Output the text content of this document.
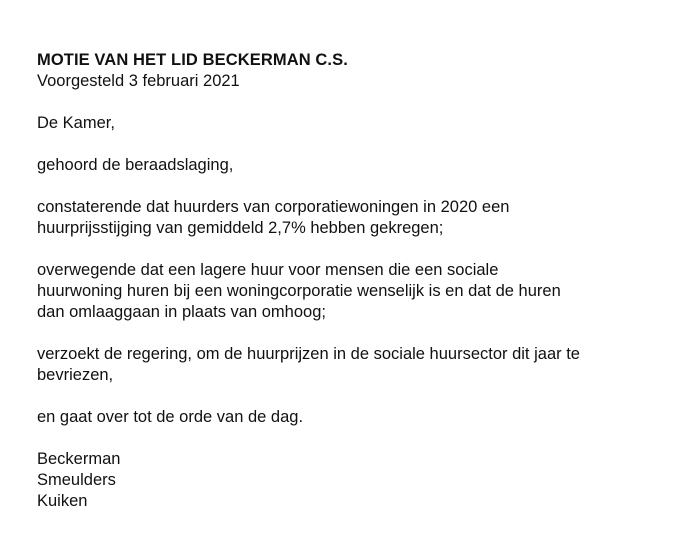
MOTIE VAN HET LID BECKERMAN C.S.

Voorgesteld 3 februari 2021

De Kamer,
gehoord de beraadslaging,
constaterende dat huurders van corporatiewoningen in 2020 een
huurprijsstijging van gemiddeld 2,7% hebben gekregen;
overwegende dat een lagere huur voor mensen die een sociale
huurwoning huren bij een woningcorporatie wenselijk is en dat de huren
dan omlaaggaan in plaats van omhoog;
verzoekt de regering, om de huurprijzen in de sociale huursector dit jaar te
bevriezen,
en gaat over tot de orde van de dag.
Beckerman
Smeulders
Kuiken
